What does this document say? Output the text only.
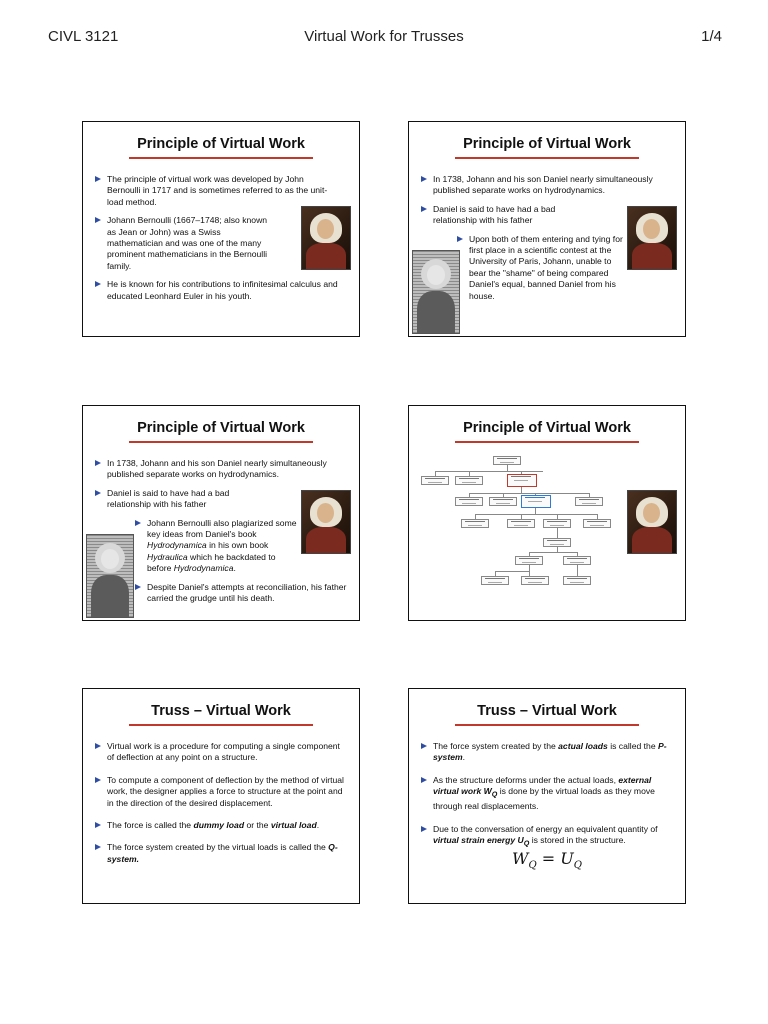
CIVL 3121	Virtual Work for Trusses	1/4
Principle of Virtual Work
The principle of virtual work was developed by John Bernoulli in 1717 and is sometimes referred to as the unit-load method.
Johann Bernoulli (1667–1748; also known as Jean or John) was a Swiss mathematician and was one of the many prominent mathematicians in the Bernoulli family.
He is known for his contributions to infinitesimal calculus and educated Leonhard Euler in his youth.
Principle of Virtual Work
In 1738, Johann and his son Daniel nearly simultaneously published separate works on hydrodynamics.
Daniel is said to have had a bad relationship with his father
Upon both of them entering and tying for first place in a scientific contest at the University of Paris, Johann, unable to bear the "shame" of being compared Daniel's equal, banned Daniel from his house.
Principle of Virtual Work
In 1738, Johann and his son Daniel nearly simultaneously published separate works on hydrodynamics.
Daniel is said to have had a bad relationship with his father
Johann Bernoulli also plagiarized some key ideas from Daniel's book Hydrodynamica in his own book Hydraulica which he backdated to before Hydrodynamica.
Despite Daniel's attempts at reconciliation, his father carried the grudge until his death.
Principle of Virtual Work
Truss – Virtual Work
Virtual work is a procedure for computing a single component of deflection at any point on a structure.
To compute a component of deflection by the method of virtual work, the designer applies a force to structure at the point and in the direction of the desired displacement.
The force is called the dummy load or the virtual load.
The force system created by the virtual loads is called the Q-system.
Truss – Virtual Work
The force system created by the actual loads is called the P-system.
As the structure deforms under the actual loads, external virtual work $W_Q$ is done by the virtual loads as they move through real displacements.
Due to the conversation of energy an equivalent quantity of virtual strain energy $U_Q$ is stored in the structure.
$W_Q = U_Q$
